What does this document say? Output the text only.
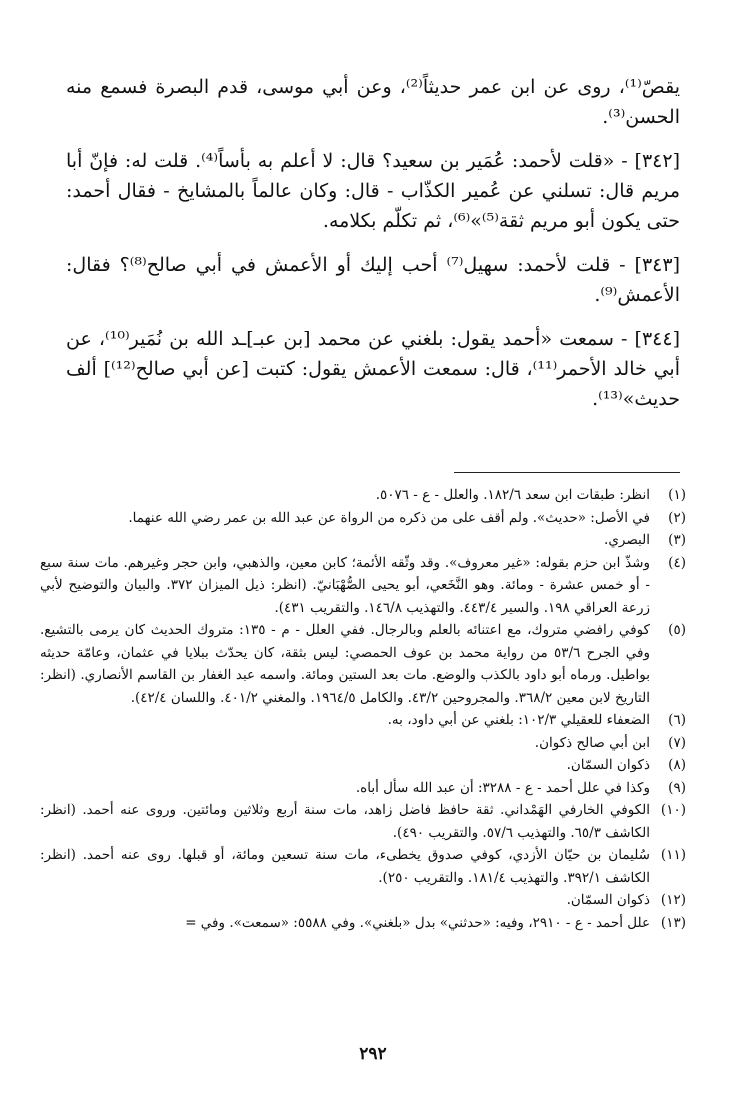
يقصّ⁽¹⁾، روى عن ابن عمر حديثاً⁽²⁾، وعن أبي موسى، قدم البصرة فسمع منه الحسن⁽³⁾.

[٣٤٢] - «قلت لأحمد: عُمَير بن سعيد؟ قال: لا أعلم به بأساً⁽⁴⁾. قلت له: فإنّ أبا مريم قال: تسلني عن عُمير الكذّاب - قال: وكان عالماً بالمشايخ - فقال أحمد: حتى يكون أبو مريم ثقة⁽⁵⁾»⁽⁶⁾، ثم تكلّم بكلامه.

[٣٤٣] - قلت لأحمد: سهيل⁽⁷⁾ أحب إليك أو الأعمش في أبي صالح⁽⁸⁾؟ فقال: الأعمش⁽⁹⁾.

[٣٤٤] - سمعت «أحمد يقول: بلغني عن محمد [بن عبـ]ـد الله بن نُمَير⁽¹⁰⁾، عن أبي خالد الأحمر⁽¹¹⁾، قال: سمعت الأعمش يقول: كتبت [عن أبي صالح⁽¹²⁾] ألف حديث»⁽¹³⁾.

(١)
انظر: طبقات ابن سعد ١٨٢/٦. والعلل - ع - ٥٠٧٦.
(٢)
في الأصل: «حديث». ولم أقف على من ذكره من الرواة عن عبد الله بن عمر رضي الله عنهما.
(٣)
البصري.
(٤)
وشذّ ابن حزم بقوله: «غير معروف». وقد وثّقه الأئمة؛ كابن معين، والذهبي، وابن حجر وغيرهم. مات سنة سبع - أو خمس عشرة - ومائة. وهو النَّخَعي، أبو يحيى الصُّهْبَانيّ. (انظر: ذيل الميزان ٣٧٢. والبيان والتوضيح لأبي زرعة العراقي ١٩٨. والسير ٤٤٣/٤. والتهذيب ١٤٦/٨. والتقريب ٤٣١).
(٥)
كوفي رافضي متروك، مع اعتنائه بالعلم وبالرجال. ففي العلل - م - ١٣٥: متروك الحديث كان يرمى بالتشيع. وفي الجرح ٥٣/٦ من رواية محمد بن عوف الحمصي: ليس بثقة، كان يحدّث ببلايا في عثمان، وعامّة حديثه بواطيل. ورماه أبو داود بالكذب والوضع. مات بعد الستين ومائة. واسمه عبد الغفار بن القاسم الأنصاري. (انظر: التاريخ لابن معين ٣٦٨/٢. والمجروحين ٤٣/٢. والكامل ١٩٦٤/٥. والمغني ٤٠١/٢. واللسان ٤٢/٤).
(٦)
الضعفاء للعقيلي ١٠٢/٣: بلغني عن أبي داود، به.
(٧)
ابن أبي صالح ذكوان.
(٨)
ذكوان السمّان.
(٩)
وكذا في علل أحمد - ع - ٣٢٨٨: أن عبد الله سأل أباه.
(١٠)
الكوفي الخارفي الهَمْداني. ثقة حافظ فاضل زاهد، مات سنة أربع وثلاثين ومائتين. وروى عنه أحمد. (انظر: الكاشف ٦٥/٣. والتهذيب ٥٧/٦. والتقريب ٤٩٠).
(١١)
سُليمان بن حيّان الأزدي، كوفي صدوق يخطىء، مات سنة تسعين ومائة، أو قبلها. روى عنه أحمد. (انظر: الكاشف ٣٩٢/١. والتهذيب ١٨١/٤. والتقريب ٢٥٠).
(١٢)
ذكوان السمّان.
(١٣)
علل أحمد - ع - ٢٩١٠، وفيه: «حدثني» بدل «بلغني». وفي ٥٥٨٨: «سمعت». وفي =
٢٩٢
